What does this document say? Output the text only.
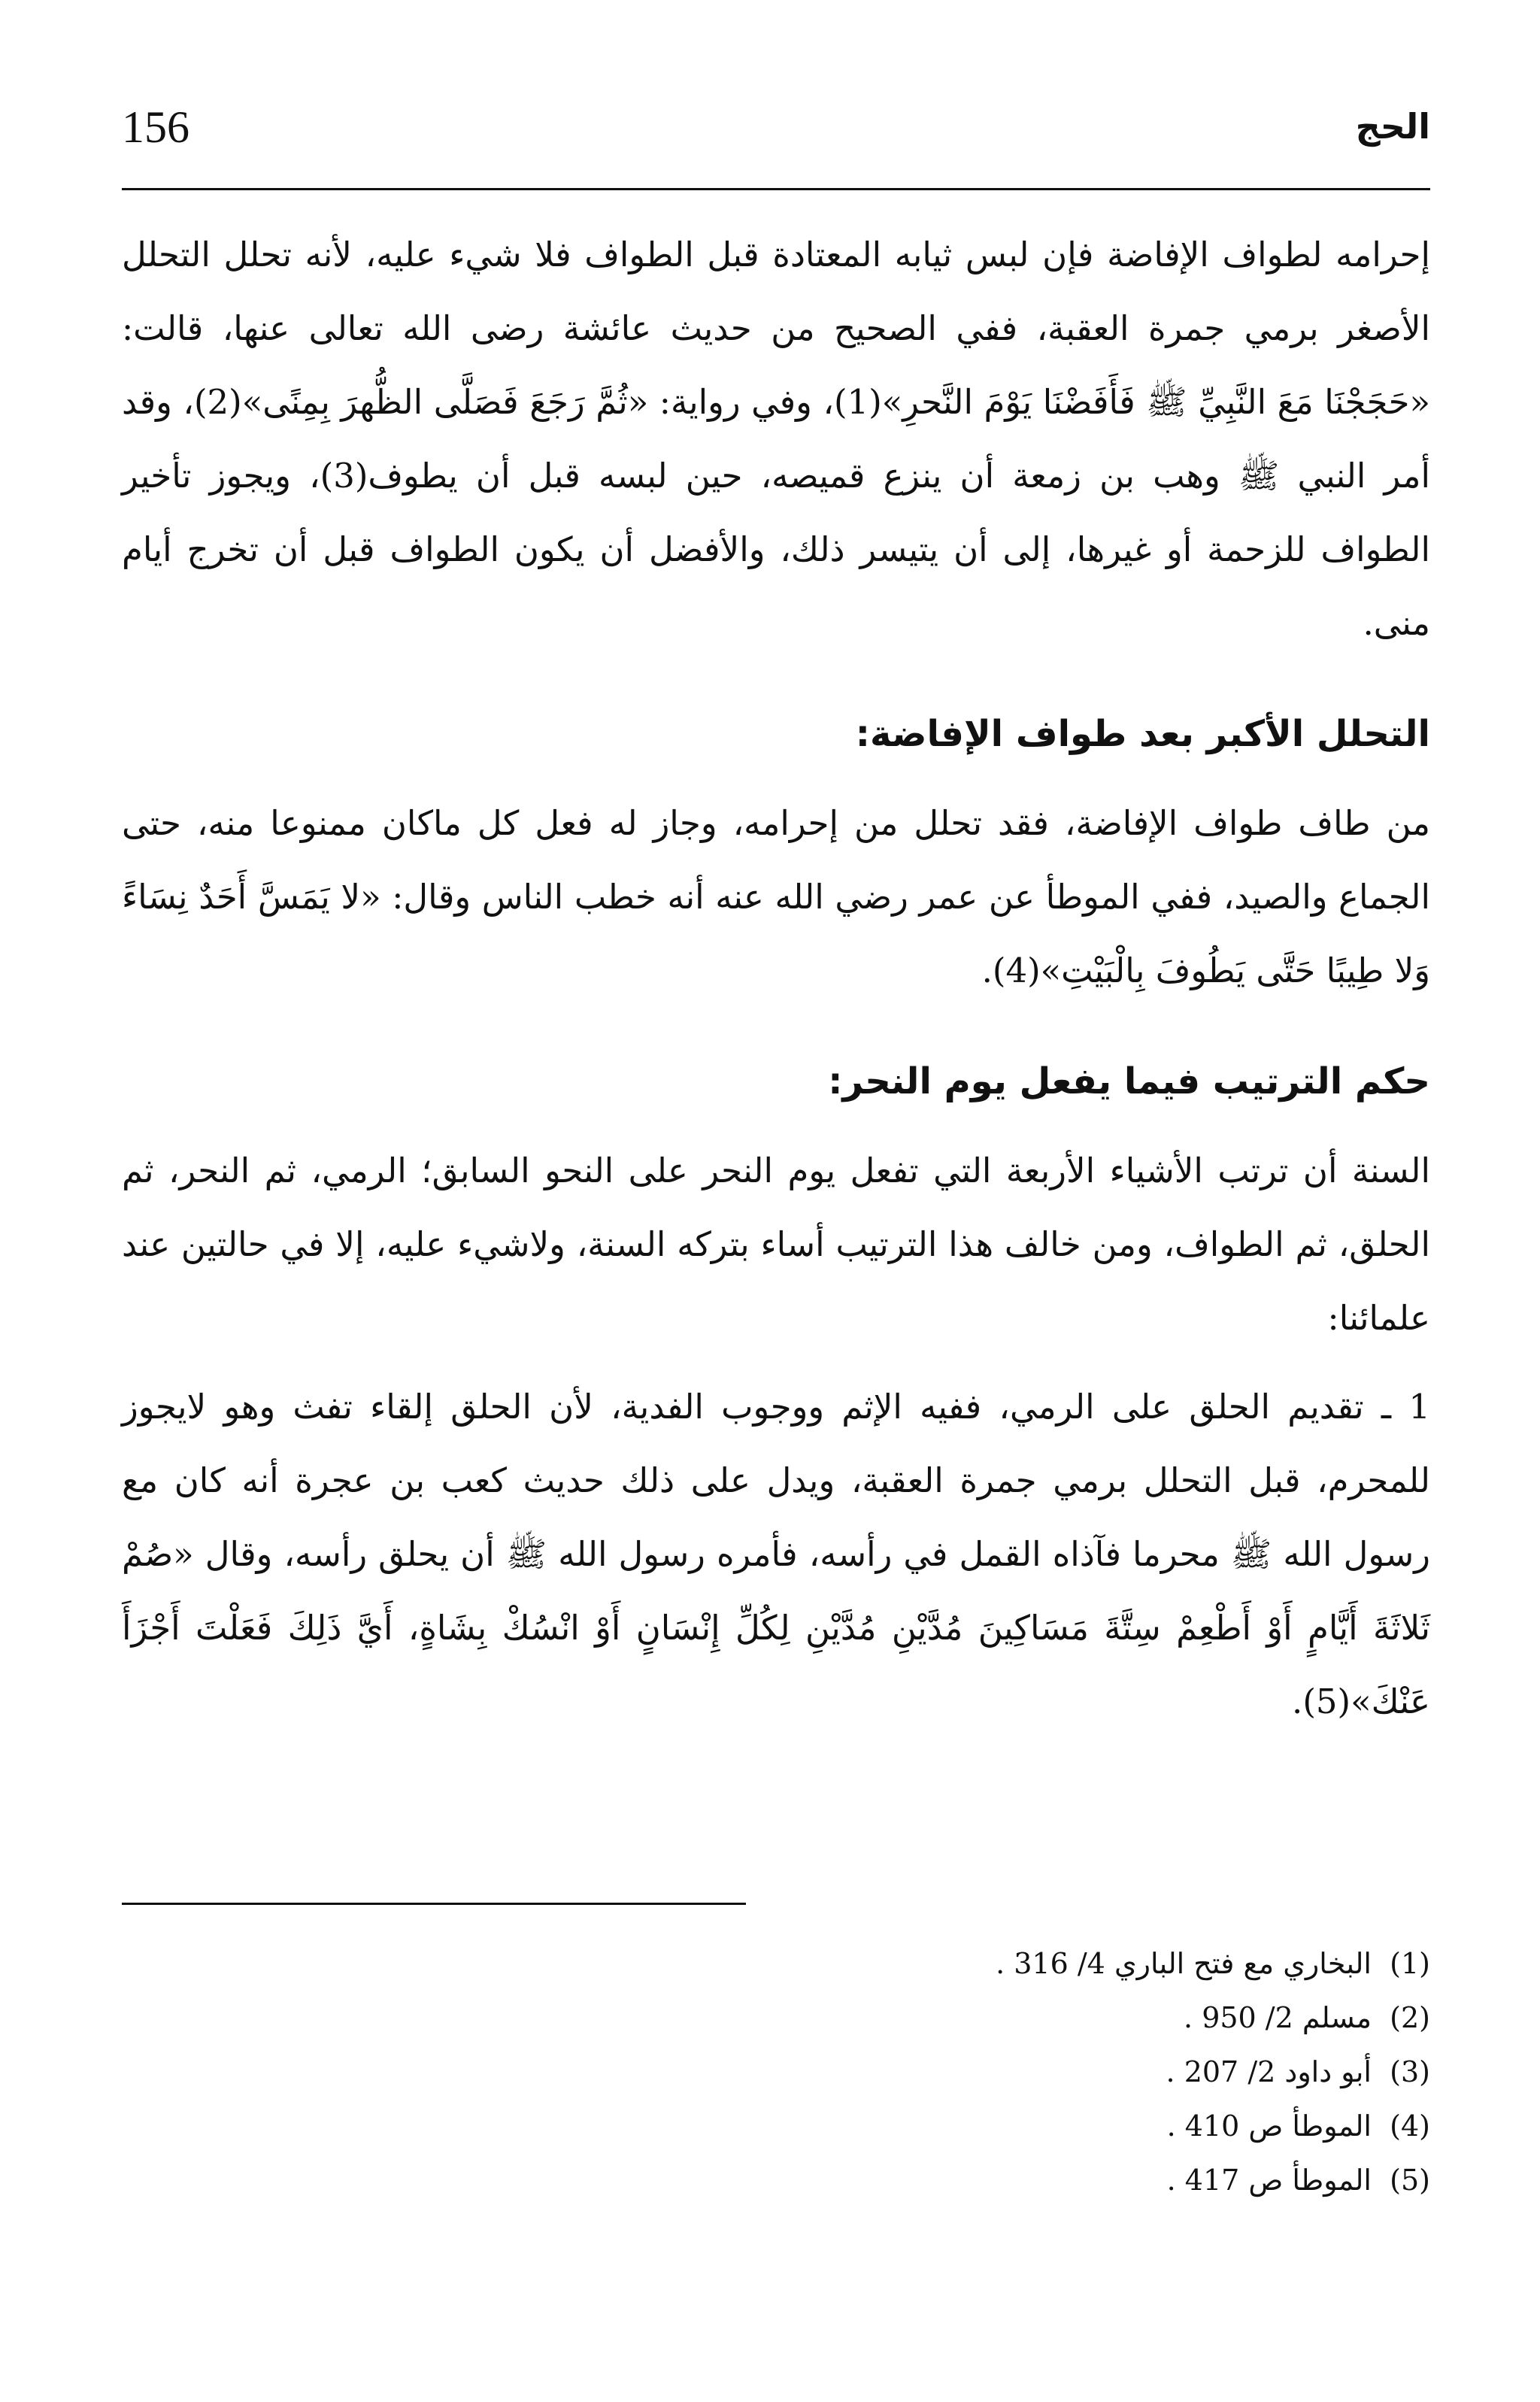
156	الحج

إحرامه لطواف الإفاضة فإن لبس ثيابه المعتادة قبل الطواف فلا شيء عليه، لأنه تحلل التحلل الأصغر برمي جمرة العقبة، ففي الصحيح من حديث عائشة رضى الله تعالى عنها، قالت: «حَجَجْنَا مَعَ النَّبِيِّ ﷺ فَأَفَضْنَا يَوْمَ النَّحرِ»(1)، وفي رواية: «ثُمَّ رَجَعَ فَصَلَّى الظُّهرَ بِمِنًى»(2)، وقد أمر النبي ﷺ وهب بن زمعة أن ينزع قميصه، حين لبسه قبل أن يطوف(3)، ويجوز تأخير الطواف للزحمة أو غيرها، إلى أن يتيسر ذلك، والأفضل أن يكون الطواف قبل أن تخرج أيام منى.

التحلل الأكبر بعد طواف الإفاضة:

من طاف طواف الإفاضة، فقد تحلل من إحرامه، وجاز له فعل كل ماكان ممنوعا منه، حتى الجماع والصيد، ففي الموطأ عن عمر رضي الله عنه أنه خطب الناس وقال: «لا يَمَسَّ أَحَدٌ نِسَاءً وَلا طِيبًا حَتَّى يَطُوفَ بِالْبَيْتِ»(4).

حكم الترتيب فيما يفعل يوم النحر:

السنة أن ترتب الأشياء الأربعة التي تفعل يوم النحر على النحو السابق؛ الرمي، ثم النحر، ثم الحلق، ثم الطواف، ومن خالف هذا الترتيب أساء بتركه السنة، ولاشيء عليه، إلا في حالتين عند علمائنا:

1 ـ تقديم الحلق على الرمي، ففيه الإثم ووجوب الفدية، لأن الحلق إلقاء تفث وهو لايجوز للمحرم، قبل التحلل برمي جمرة العقبة، ويدل على ذلك حديث كعب بن عجرة أنه كان مع رسول الله ﷺ محرما فآذاه القمل في رأسه، فأمره رسول الله ﷺ أن يحلق رأسه، وقال «صُمْ ثَلاثَةَ أَيَّامٍ أَوْ أَطْعِمْ سِتَّةَ مَسَاكِينَ مُدَّيْنِ مُدَّيْنِ لِكُلِّ إِنْسَانٍ أَوْ انْسُكْ بِشَاةٍ، أَيَّ ذَلِكَ فَعَلْتَ أَجْزَأَ عَنْكَ»(5).

(1)البخاري مع فتح الباري 4/ 316 .
(2)مسلم 2/ 950 .
(3)أبو داود 2/ 207 .
(4)الموطأ ص 410 .
(5)الموطأ ص 417 .
